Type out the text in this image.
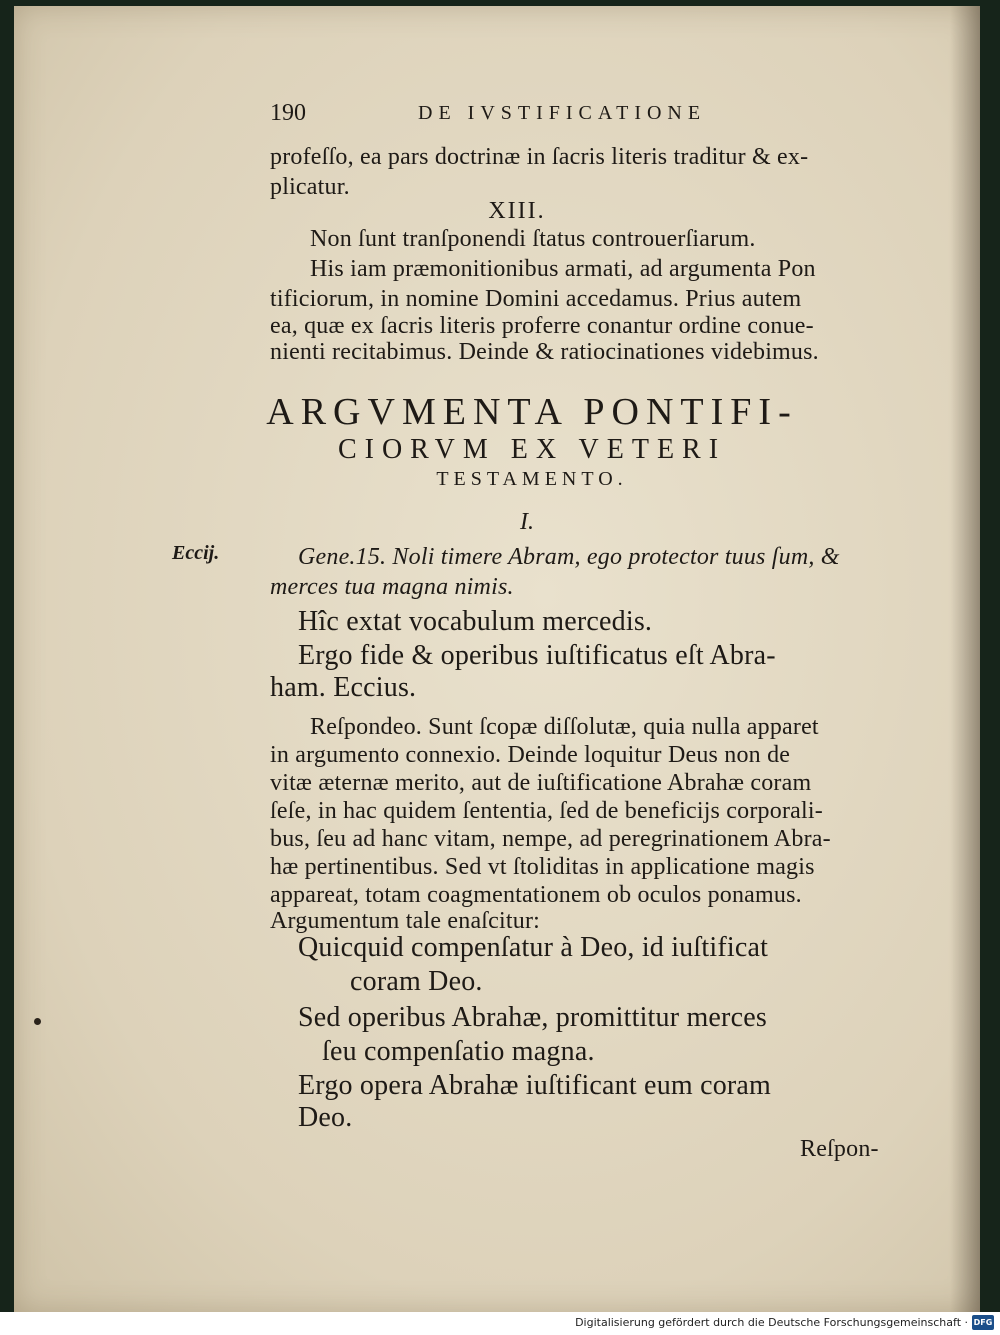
190	DE IVSTIFICATIONE
profeſſo, ea pars doctrinæ in ſacris literis traditur & ex-
plicatur.
XIII.
Non ſunt tranſponendi ſtatus controuerſiarum.
His iam præmonitionibus armati, ad argumenta Pon
tificiorum, in nomine Domini accedamus. Prius autem
ea, quæ ex ſacris literis proferre conantur ordine conue-
nienti recitabimus. Deinde & ratiocinationes videbimus.
ARGVMENTA PONTIFI-
CIORVM EX VETERI
TESTAMENTO.
I.
Eccij.	Gene.15. Noli timere Abram, ego protector tuus ſum, &
merces tua magna nimis.
Hîc extat vocabulum mercedis.
Ergo fide & operibus iuſtificatus eſt Abra-
ham. Eccius.
Reſpondeo. Sunt ſcopæ diſſolutæ, quia nulla apparet
in argumento connexio. Deinde loquitur Deus non de
vitæ æternæ merito, aut de iuſtificatione Abrahæ coram
ſeſe, in hac quidem ſententia, ſed de beneficijs corporali-
bus, ſeu ad hanc vitam, nempe, ad peregrinationem Abra-
hæ pertinentibus. Sed vt ſtoliditas in applicatione magis
appareat, totam coagmentationem ob oculos ponamus.
Argumentum tale enaſcitur:
Quicquid compenſatur à Deo, id iuſtificat
coram Deo.
Sed operibus Abrahæ, promittitur merces
ſeu compenſatio magna.
Ergo opera Abrahæ iuſtificant eum coram
Deo.
Reſpon-
Digitalisierung gefördert durch die Deutsche Forschungsgemeinschaft · DFG
